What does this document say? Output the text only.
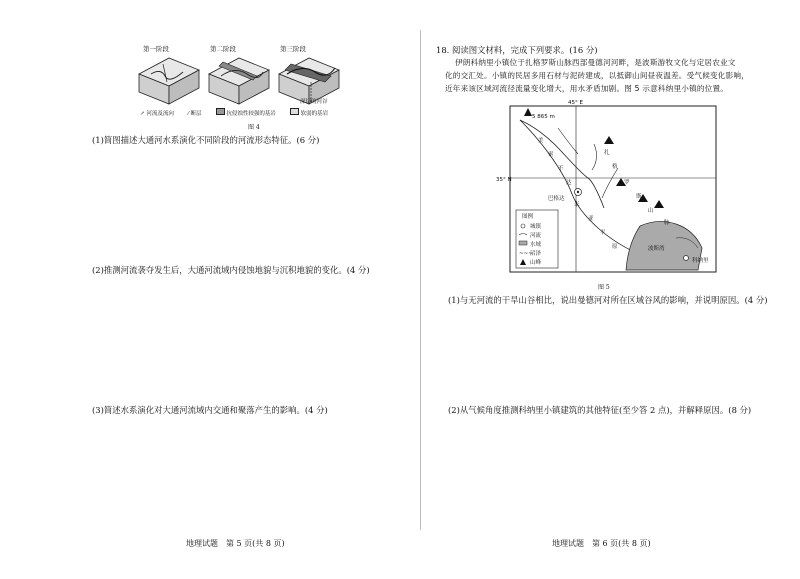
第一阶段	第二阶段	第三阶段
深切的河谷
↗ 河流及流向	⁄ 断层	抗侵蚀性较强的基岩	软弱的基岩
图 4
(1)简图描述大通河水系演化不同阶段的河流形态特征。(6 分)
(2)推测河流袭夺发生后，大通河流域内侵蚀地貌与沉积地貌的变化。(4 分)
(3)简述水系演化对大通河流域内交通和聚落产生的影响。(4 分)
地理试题　第 5 页(共 8 页)
18. 阅读图文材料，完成下列要求。(16 分)
伊朗科纳里小镇位于扎格罗斯山脉西部曼德河河畔，是波斯游牧文化与定居农业文
化的交汇处。小镇的民居多用石材与泥砖建成，以抵御山间昼夜温差。受气候变化影响，
近年来该区域河流径流量变化增大，用水矛盾加剧。图 5 示意科纳里小镇的位置。
图例
城镇
河流
水域
~~~
沼泽
山峰
5 865 m
45° E
35° N
巴格达
波斯湾
科纳里
美
索
不
达
米
亚
平
原
扎
格
罗
斯
山
脉
图 5
(1)与无河流的干旱山谷相比，说出曼德河对所在区域谷风的影响，并说明原因。(4 分)
(2)从气候角度推测科纳里小镇建筑的其他特征(至少答 2 点)，并解释原因。(8 分)
地理试题　第 6 页(共 8 页)
